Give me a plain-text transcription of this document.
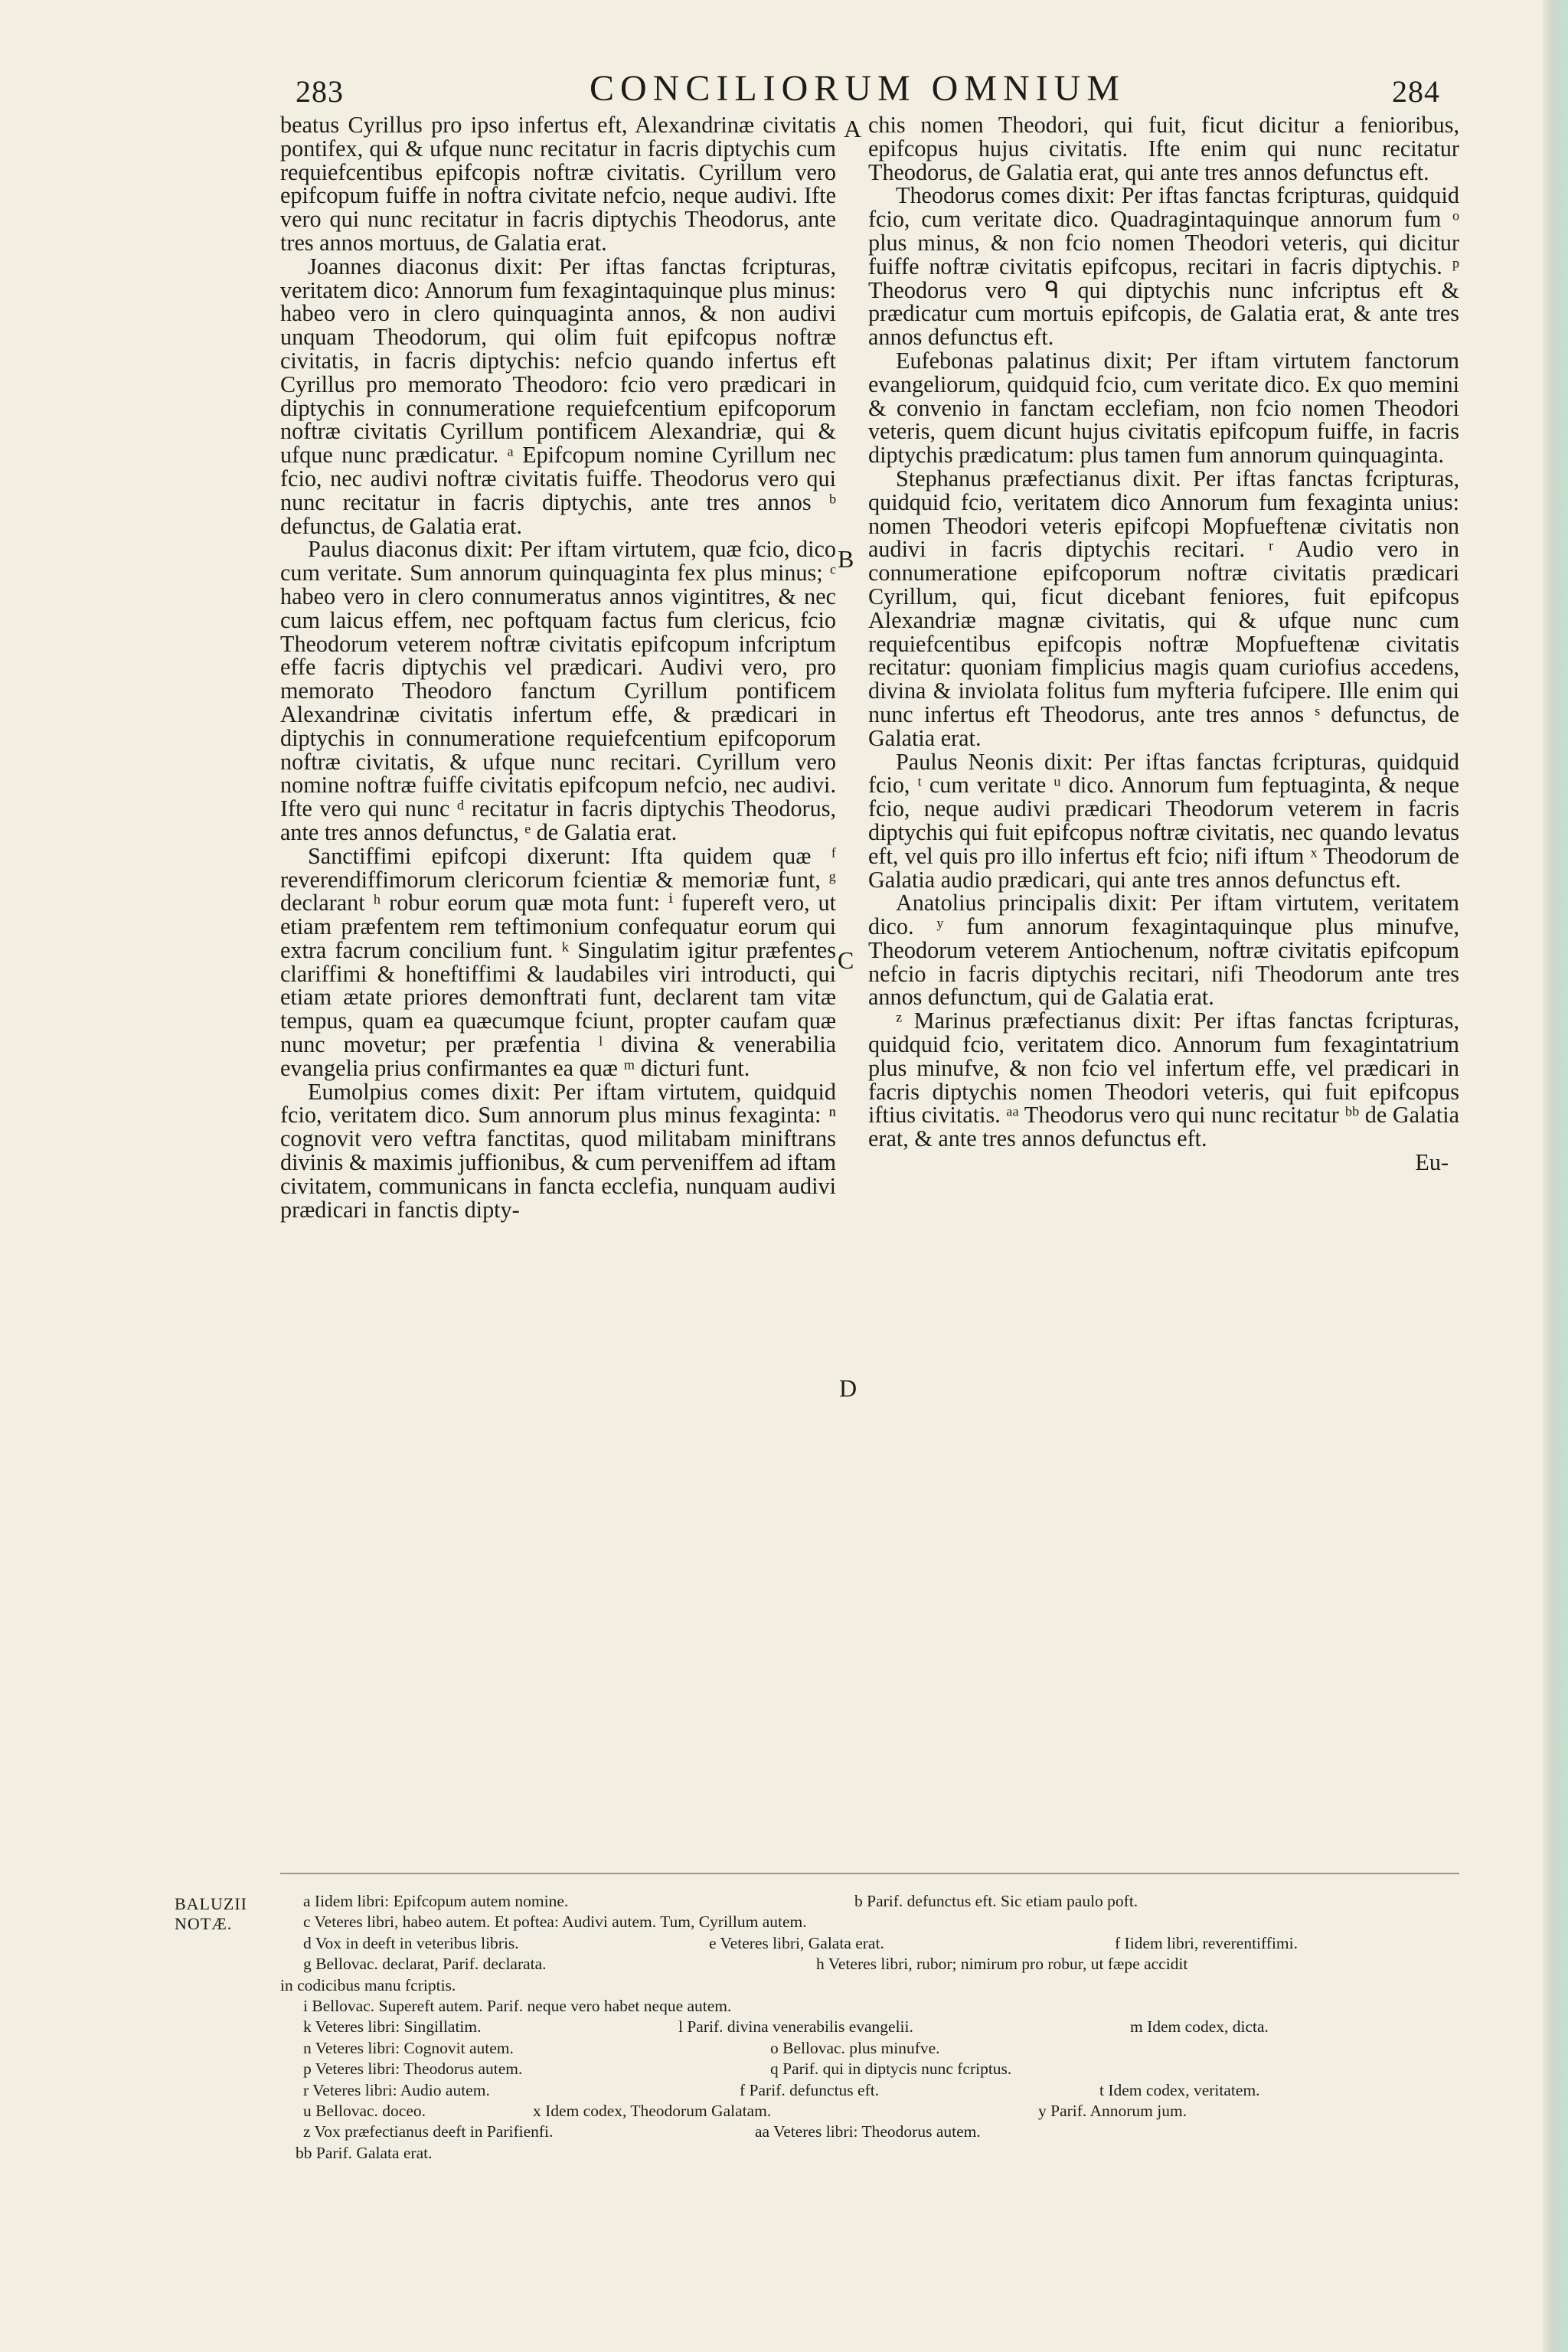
283	CONCILIORUM OMNIUM	284

beatus Cyrillus pro ipso infertus eft, Alexandrinæ civitatis pontifex, qui & ufque nunc recitatur in facris diptychis cum requiefcentibus epifcopis noftræ civitatis. Cyrillum vero epifcopum fuiffe in noftra civitate nefcio, neque audivi. Ifte vero qui nunc recitatur in facris diptychis Theodorus, ante tres annos mortuus, de Galatia erat.

Joannes diaconus dixit: Per iftas fanctas fcripturas, veritatem dico: Annorum fum fexagintaquinque plus minus: habeo vero in clero quinquaginta annos, & non audivi unquam Theodorum, qui olim fuit epifcopus noftræ civitatis, in facris diptychis: nefcio quando infertus eft Cyrillus pro memorato Theodoro: fcio vero prædicari in diptychis in connumeratione requiefcentium epifcoporum noftræ civitatis Cyrillum pontificem Alexandriæ, qui & ufque nunc prædicatur. ᵃ Epifcopum nomine Cyrillum nec fcio, nec audivi noftræ civitatis fuiffe. Theodorus vero qui nunc recitatur in facris diptychis, ante tres annos ᵇ defunctus, de Galatia erat.

Paulus diaconus dixit: Per iftam virtutem, quæ fcio, dico cum veritate. Sum annorum quinquaginta fex plus minus; ᶜ habeo vero in clero connumeratus annos vigintitres, & nec cum laicus effem, nec poftquam factus fum clericus, fcio Theodorum veterem noftræ civitatis epifcopum infcriptum effe facris diptychis vel prædicari. Audivi vero, pro memorato Theodoro fanctum Cyrillum pontificem Alexandrinæ civitatis infertum effe, & prædicari in diptychis in connumeratione requiefcentium epifcoporum noftræ civitatis, & ufque nunc recitari. Cyrillum vero nomine noftræ fuiffe civitatis epifcopum nefcio, nec audivi. Ifte vero qui nunc ᵈ recitatur in facris diptychis Theodorus, ante tres annos defunctus, ᵉ de Galatia erat.

Sanctiffimi epifcopi dixerunt: Ifta quidem quæ ᶠ reverendiffimorum clericorum fcientiæ & memoriæ funt, ᵍ declarant ʰ robur eorum quæ mota funt: ⁱ fupereft vero, ut etiam præfentem rem teftimonium confequatur eorum qui extra facrum concilium funt. ᵏ Singulatim igitur præfentes clariffimi & honeftiffimi & laudabiles viri introducti, qui etiam ætate priores demonftrati funt, declarent tam vitæ tempus, quam ea quæcumque fciunt, propter caufam quæ nunc movetur; per præfentia ˡ divina & venerabilia evangelia prius confirmantes ea quæ ᵐ dicturi funt.

Eumolpius comes dixit: Per iftam virtutem, quidquid fcio, veritatem dico. Sum annorum plus minus fexaginta: ⁿ cognovit vero veftra fanctitas, quod militabam miniftrans divinis & maximis juffionibus, & cum perveniffem ad iftam civitatem, communicans in fancta ecclefia, nunquam audivi prædicari in fanctis dipty-

chis nomen Theodori, qui fuit, ficut dicitur a fenioribus, epifcopus hujus civitatis. Ifte enim qui nunc recitatur Theodorus, de Galatia erat, qui ante tres annos defunctus eft.

Theodorus comes dixit: Per iftas fanctas fcripturas, quidquid fcio, cum veritate dico. Quadragintaquinque annorum fum ᵒ plus minus, & non fcio nomen Theodori veteris, qui dicitur fuiffe noftræ civitatis epifcopus, recitari in facris diptychis. ᵖ Theodorus vero ᑫ qui diptychis nunc infcriptus eft & prædicatur cum mortuis epifcopis, de Galatia erat, & ante tres annos defunctus eft.

Eufebonas palatinus dixit; Per iftam virtutem fanctorum evangeliorum, quidquid fcio, cum veritate dico. Ex quo memini & convenio in fanctam ecclefiam, non fcio nomen Theodori veteris, quem dicunt hujus civitatis epifcopum fuiffe, in facris diptychis prædicatum: plus tamen fum annorum quinquaginta.

Stephanus præfectianus dixit. Per iftas fanctas fcripturas, quidquid fcio, veritatem dico Annorum fum fexaginta unius: nomen Theodori veteris epifcopi Mopfueftenæ civitatis non audivi in facris diptychis recitari. ʳ Audio vero in connumeratione epifcoporum noftræ civitatis prædicari Cyrillum, qui, ficut dicebant feniores, fuit epifcopus Alexandriæ magnæ civitatis, qui & ufque nunc cum requiefcentibus epifcopis noftræ Mopfueftenæ civitatis recitatur: quoniam fimplicius magis quam curiofius accedens, divina & inviolata folitus fum myfteria fufcipere. Ille enim qui nunc infertus eft Theodorus, ante tres annos ˢ defunctus, de Galatia erat.

Paulus Neonis dixit: Per iftas fanctas fcripturas, quidquid fcio, ᵗ cum veritate ᵘ dico. Annorum fum feptuaginta, & neque fcio, neque audivi prædicari Theodorum veterem in facris diptychis qui fuit epifcopus noftræ civitatis, nec quando levatus eft, vel quis pro illo infertus eft fcio; nifi iftum ˣ Theodorum de Galatia audio prædicari, qui ante tres annos defunctus eft.

Anatolius principalis dixit: Per iftam virtutem, veritatem dico. ʸ fum annorum fexagintaquinque plus minufve, Theodorum veterem Antiochenum, noftræ civitatis epifcopum nefcio in facris diptychis recitari, nifi Theodorum ante tres annos defunctum, qui de Galatia erat.

ᶻ Marinus præfectianus dixit: Per iftas fanctas fcripturas, quidquid fcio, veritatem dico. Annorum fum fexagintatrium plus minufve, & non fcio vel infertum effe, vel prædicari in facris diptychis nomen Theodori veteris, qui fuit epifcopus iftius civitatis. ᵃᵃ Theodorus vero qui nunc recitatur ᵇᵇ de Galatia erat, & ante tres annos defunctus eft.

Eu-

A
B
C
D
BALUZII
NOTÆ.
a Iidem libri: Epifcopum autem nomine.	b Parif. defunctus eft. Sic etiam paulo poft.
c Veteres libri, habeo autem. Et poftea: Audivi autem. Tum, Cyrillum autem.
d Vox in deeft in veteribus libris.	e Veteres libri, Galata erat.	f Iidem libri, reverentiffimi.
g Bellovac. declarat, Parif. declarata.	h Veteres libri, rubor; nimirum pro robur, ut fæpe accidit
in codicibus manu fcriptis.
i Bellovac. Supereft autem. Parif. neque vero habet neque autem.
k Veteres libri: Singillatim.	l Parif. divina venerabilis evangelii.	m Idem codex, dicta.
n Veteres libri: Cognovit autem.	o Bellovac. plus minufve.
p Veteres libri: Theodorus autem.	q Parif. qui in diptycis nunc fcriptus.
r Veteres libri: Audio autem.	f Parif. defunctus eft.	t Idem codex, veritatem.
u Bellovac. doceo.	x Idem codex, Theodorum Galatam.	y Parif. Annorum jum.
z Vox præfectianus deeft in Parifienfi.	aa Veteres libri: Theodorus autem.
bb Parif. Galata erat.
